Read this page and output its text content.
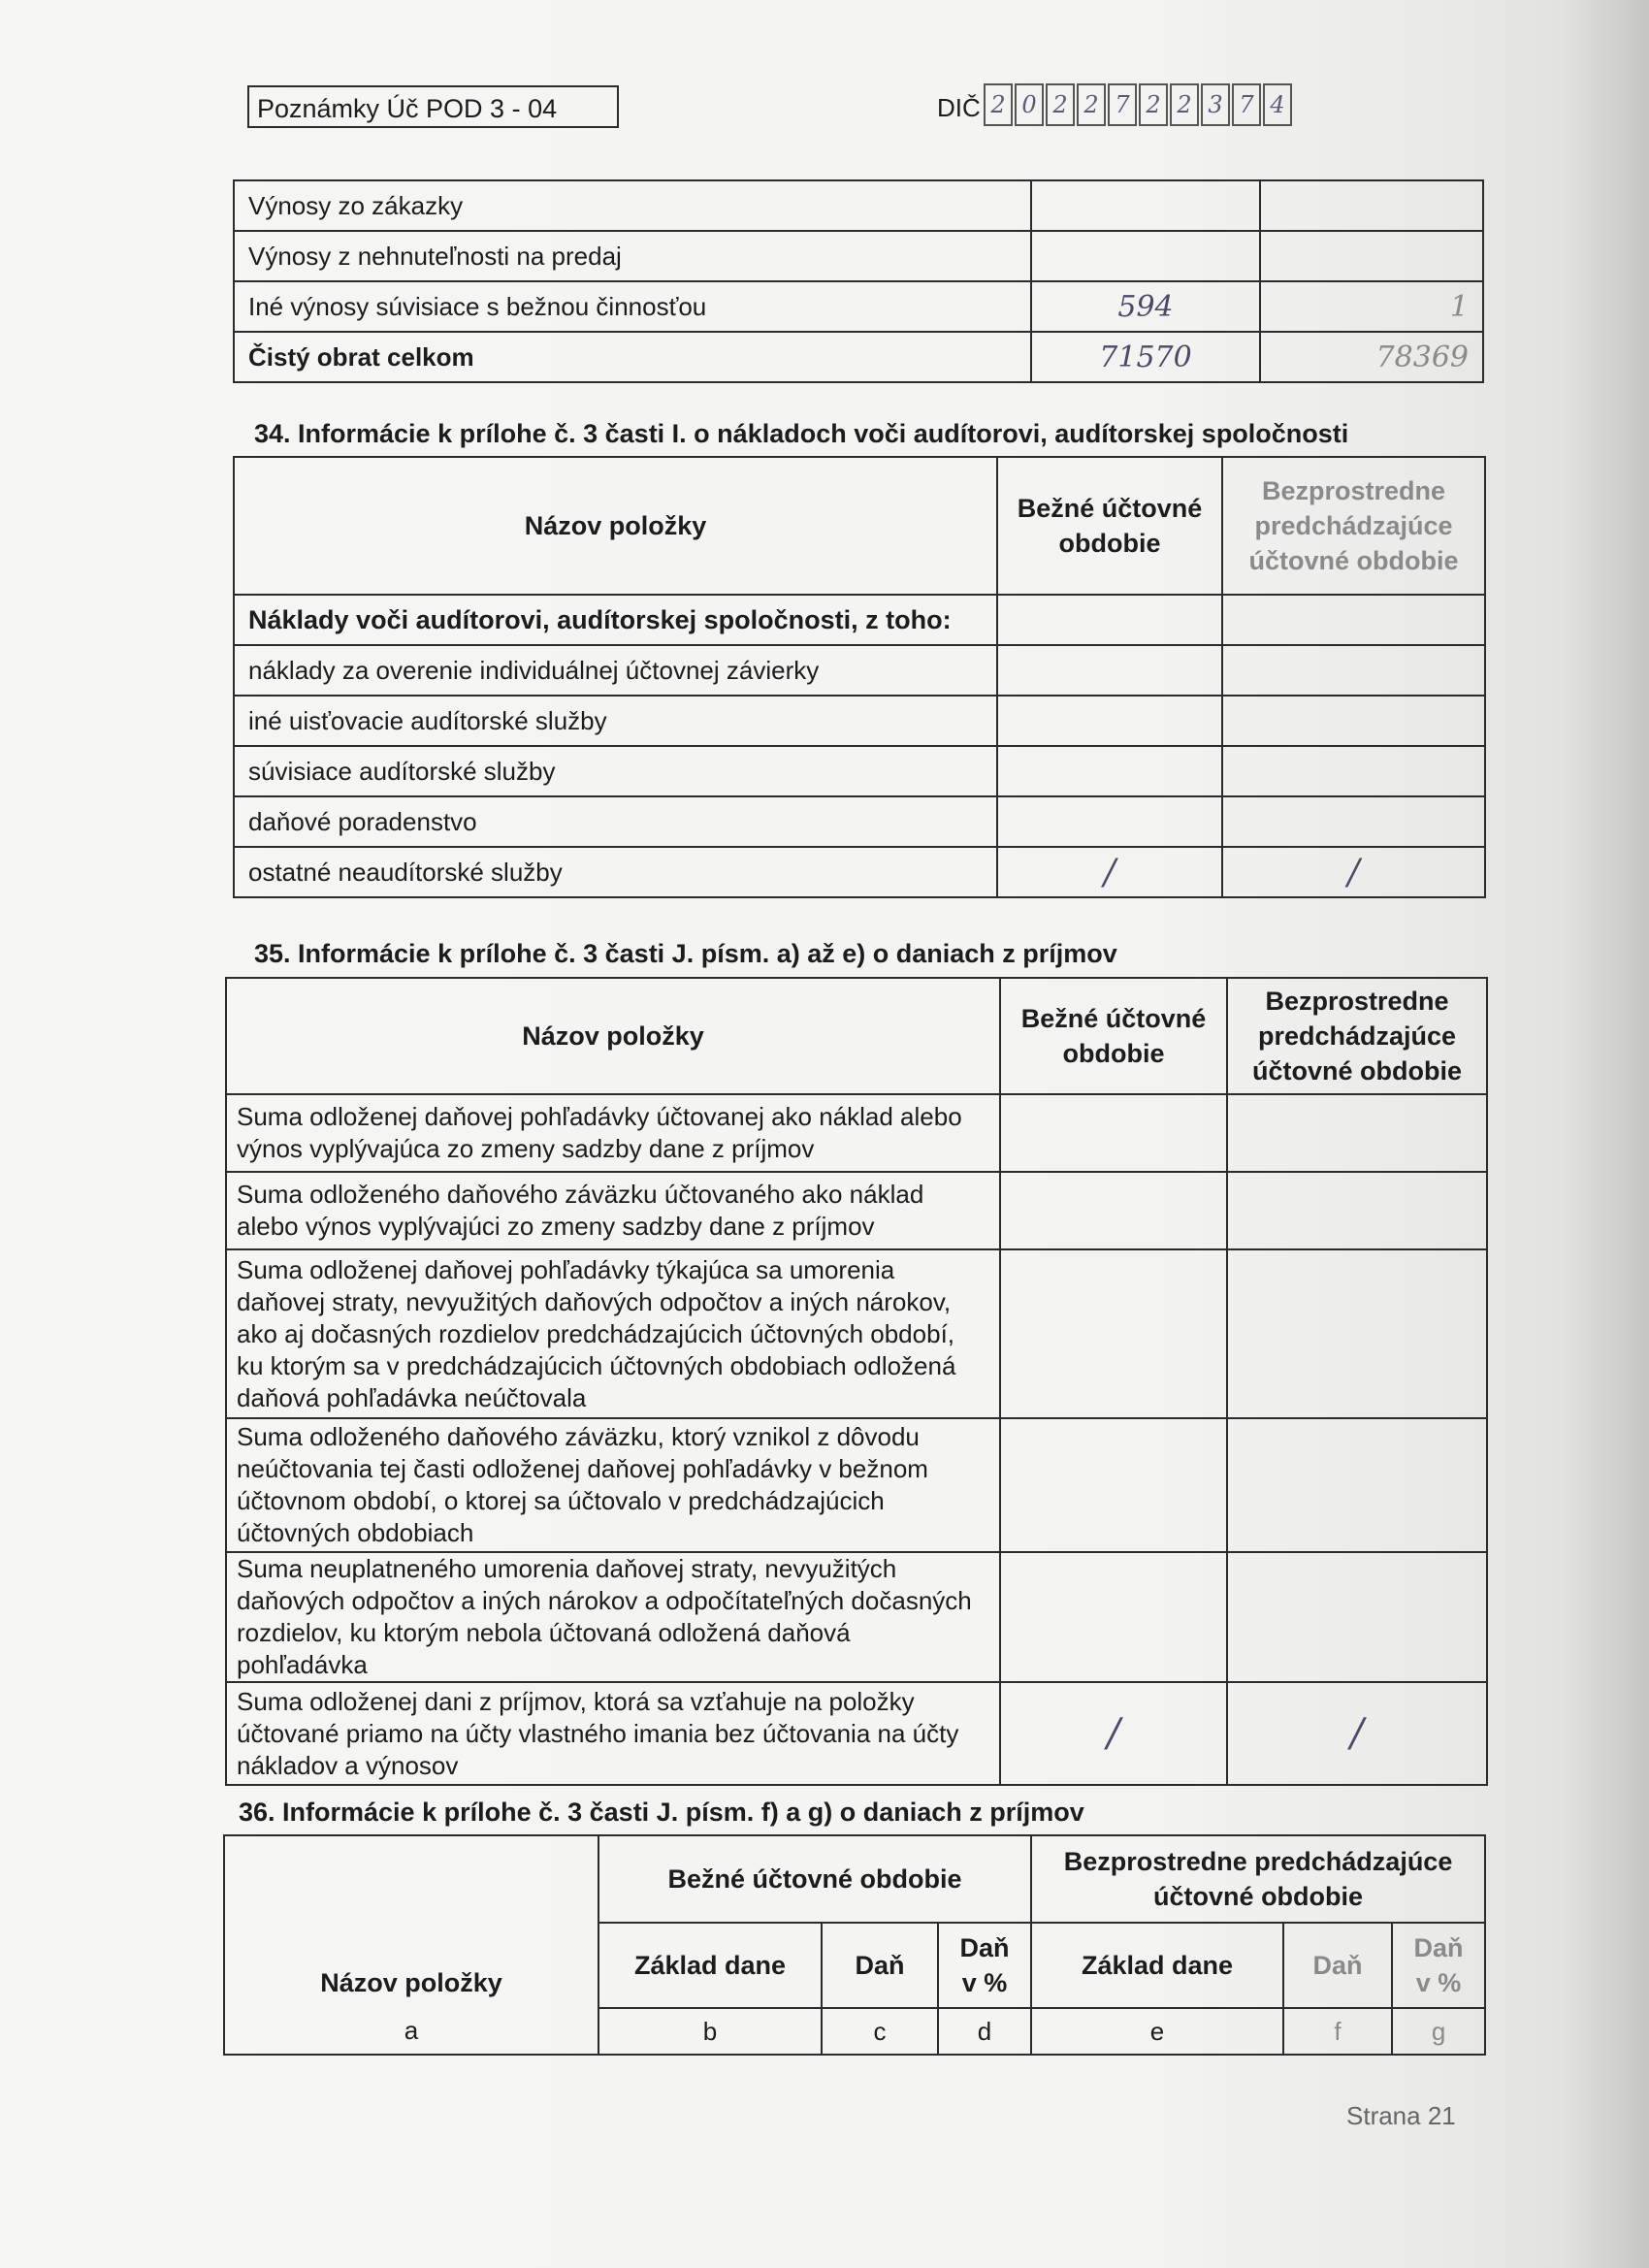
Poznámky Úč POD 3 - 04	DIČ 2 0 2 2 7 2 2 3 7 4
Výnosy zo zákazky		
Výnosy z nehnuteľnosti na predaj		
Iné výnosy súvisiace s bežnou činnosťou	594	1
Čistý obrat celkom	71570	78369
34. Informácie k prílohe č. 3 časti I. o nákladoch voči audítorovi, audítorskej spoločnosti
Názov položky	Bežné účtovné obdobie	Bezprostredne predchádzajúce účtovné obdobie
Náklady voči audítorovi, audítorskej spoločnosti, z toho:		
náklady za overenie individuálnej účtovnej závierky		
iné uisťovacie audítorské služby		
súvisiace audítorské služby		
daňové poradenstvo		
ostatné neaudítorské služby	/	/
35. Informácie k prílohe č. 3 časti J. písm. a) až e) o daniach z príjmov
Názov položky	Bežné účtovné obdobie	Bezprostredne predchádzajúce účtovné obdobie
Suma odloženej daňovej pohľadávky účtovanej ako náklad alebo výnos vyplývajúca zo zmeny sadzby dane z príjmov		
Suma odloženého daňového záväzku účtovaného ako náklad alebo výnos vyplývajúci zo zmeny sadzby dane z príjmov		
Suma odloženej daňovej pohľadávky týkajúca sa umorenia daňovej straty, nevyužitých daňových odpočtov a iných nárokov, ako aj dočasných rozdielov predchádzajúcich účtovných období, ku ktorým sa v predchádzajúcich účtovných obdobiach odložená daňová pohľadávka neúčtovala		
Suma odloženého daňového záväzku, ktorý vznikol z dôvodu neúčtovania tej časti odloženej daňovej pohľadávky v bežnom účtovnom období, o ktorej sa účtovalo v predchádzajúcich účtovných obdobiach		
Suma neuplatneného umorenia daňovej straty, nevyužitých daňových odpočtov a iných nárokov a odpočítateľných dočasných rozdielov, ku ktorým nebola účtovaná odložená daňová pohľadávka		
Suma odloženej dani z príjmov, ktorá sa vzťahuje na položky účtované priamo na účty vlastného imania bez účtovania na účty nákladov a výnosov	/	/
36. Informácie k prílohe č. 3 časti J. písm. f) a g) o daniach z príjmov
Názov položky	Bežné účtovné obdobie			Bezprostredne predchádzajúce účtovné obdobie		
	Základ dane	Daň	Daň v %	Základ dane	Daň	Daň v %
a	b	c	d	e	f	g
Strana 21
